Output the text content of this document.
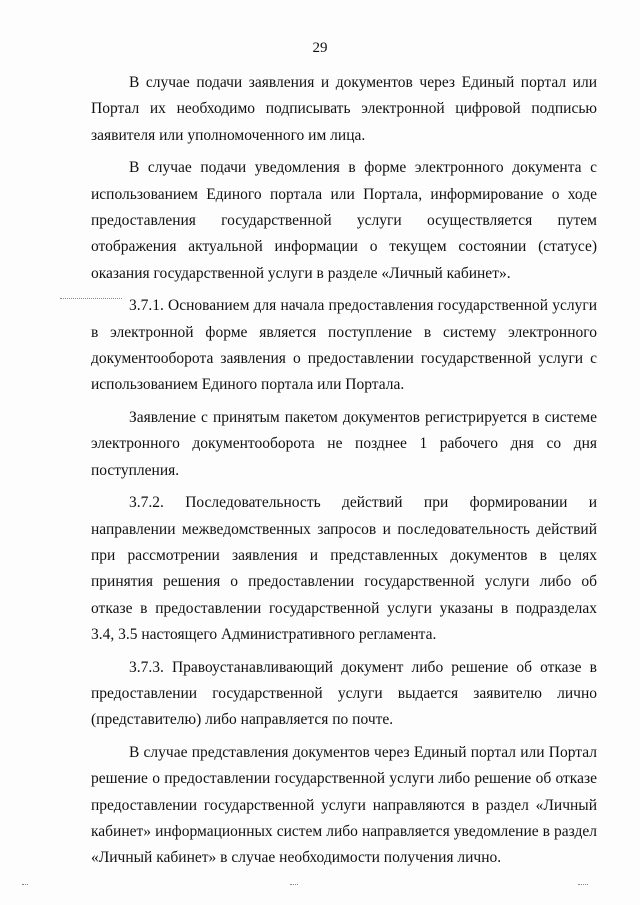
29

В случае подачи заявления и документов через Единый портал или Портал их необходимо подписывать электронной цифровой подписью заявителя или уполномоченного им лица.

В случае подачи уведомления в форме электронного документа с использованием Единого портала или Портала, информирование о ходе предоставления государственной услуги осуществляется путем отображения актуальной информации о текущем состоянии (статусе) оказания государственной услуги в разделе «Личный кабинет».

3.7.1. Основанием для начала предоставления государственной услуги в электронной форме является поступление в систему электронного документооборота заявления о предоставлении государственной услуги с использованием Единого портала или Портала.

Заявление с принятым пакетом документов регистрируется в системе электронного документооборота не позднее 1 рабочего дня со дня поступления.

3.7.2. Последовательность действий при формировании и направлении межведомственных запросов и последовательность действий при рассмотрении заявления и представленных документов в целях принятия решения о предоставлении государственной услуги либо об отказе в предоставлении государственной услуги указаны в подразделах 3.4, 3.5 настоящего Административного регламента.

3.7.3. Правоустанавливающий документ либо решение об отказе в предоставлении государственной услуги выдается заявителю лично (представителю) либо направляется по почте.

В случае представления документов через Единый портал или Портал решение о предоставлении государственной услуги либо решение об отказе предоставлении государственной услуги направляются в раздел «Личный кабинет» информационных систем либо направляется уведомление в раздел «Личный кабинет» в случае необходимости получения лично.
